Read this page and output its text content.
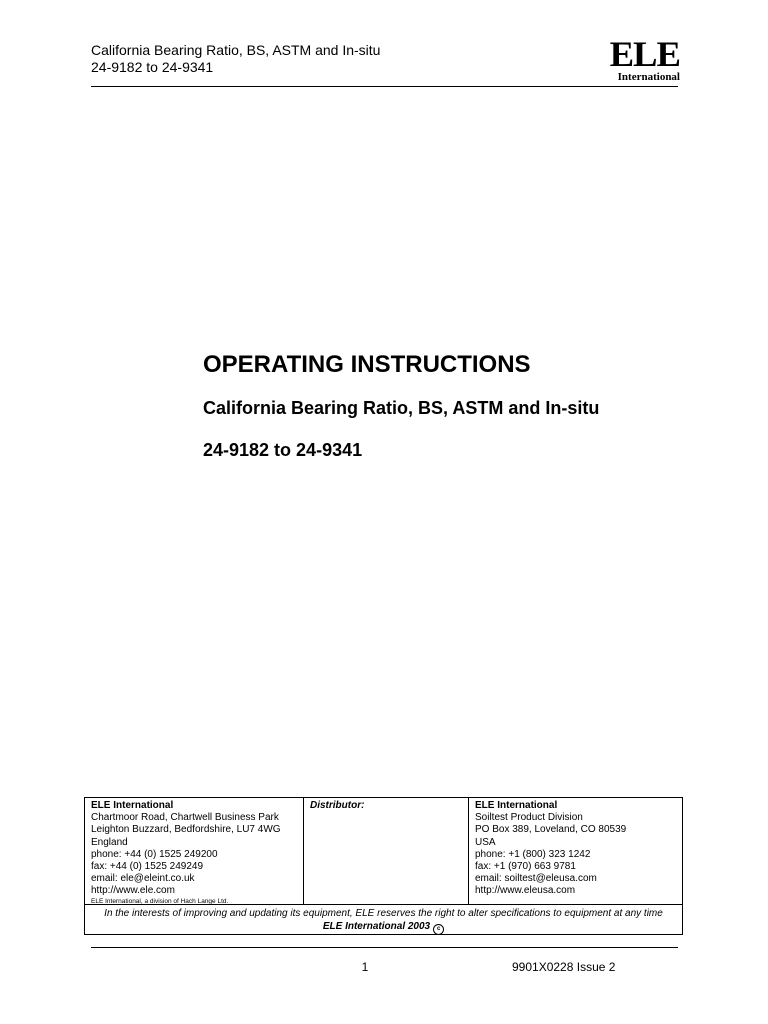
California Bearing Ratio, BS, ASTM and In-situ
24-9182 to 24-9341	ELE
International
OPERATING INSTRUCTIONS
California Bearing Ratio, BS, ASTM and In-situ
24-9182 to 24-9341
ELE International
Chartmoor Road, Chartwell Business Park
Leighton Buzzard, Bedfordshire, LU7 4WG
England
phone: +44 (0) 1525 249200
fax: +44 (0) 1525 249249
email: ele@eleint.co.uk
http://www.ele.com
ELE International, a division of Hach Lange Ltd.
Distributor:	ELE International
Soiltest Product Division
PO Box 389, Loveland, CO 80539
USA
phone: +1 (800) 323 1242
fax: +1 (970) 663 9781
email: soiltest@eleusa.com
http://www.eleusa.com
In the interests of improving and updating its equipment, ELE reserves the right to alter specifications to equipment at any time
ELE International 2003 c
1	9901X0228 Issue 2
